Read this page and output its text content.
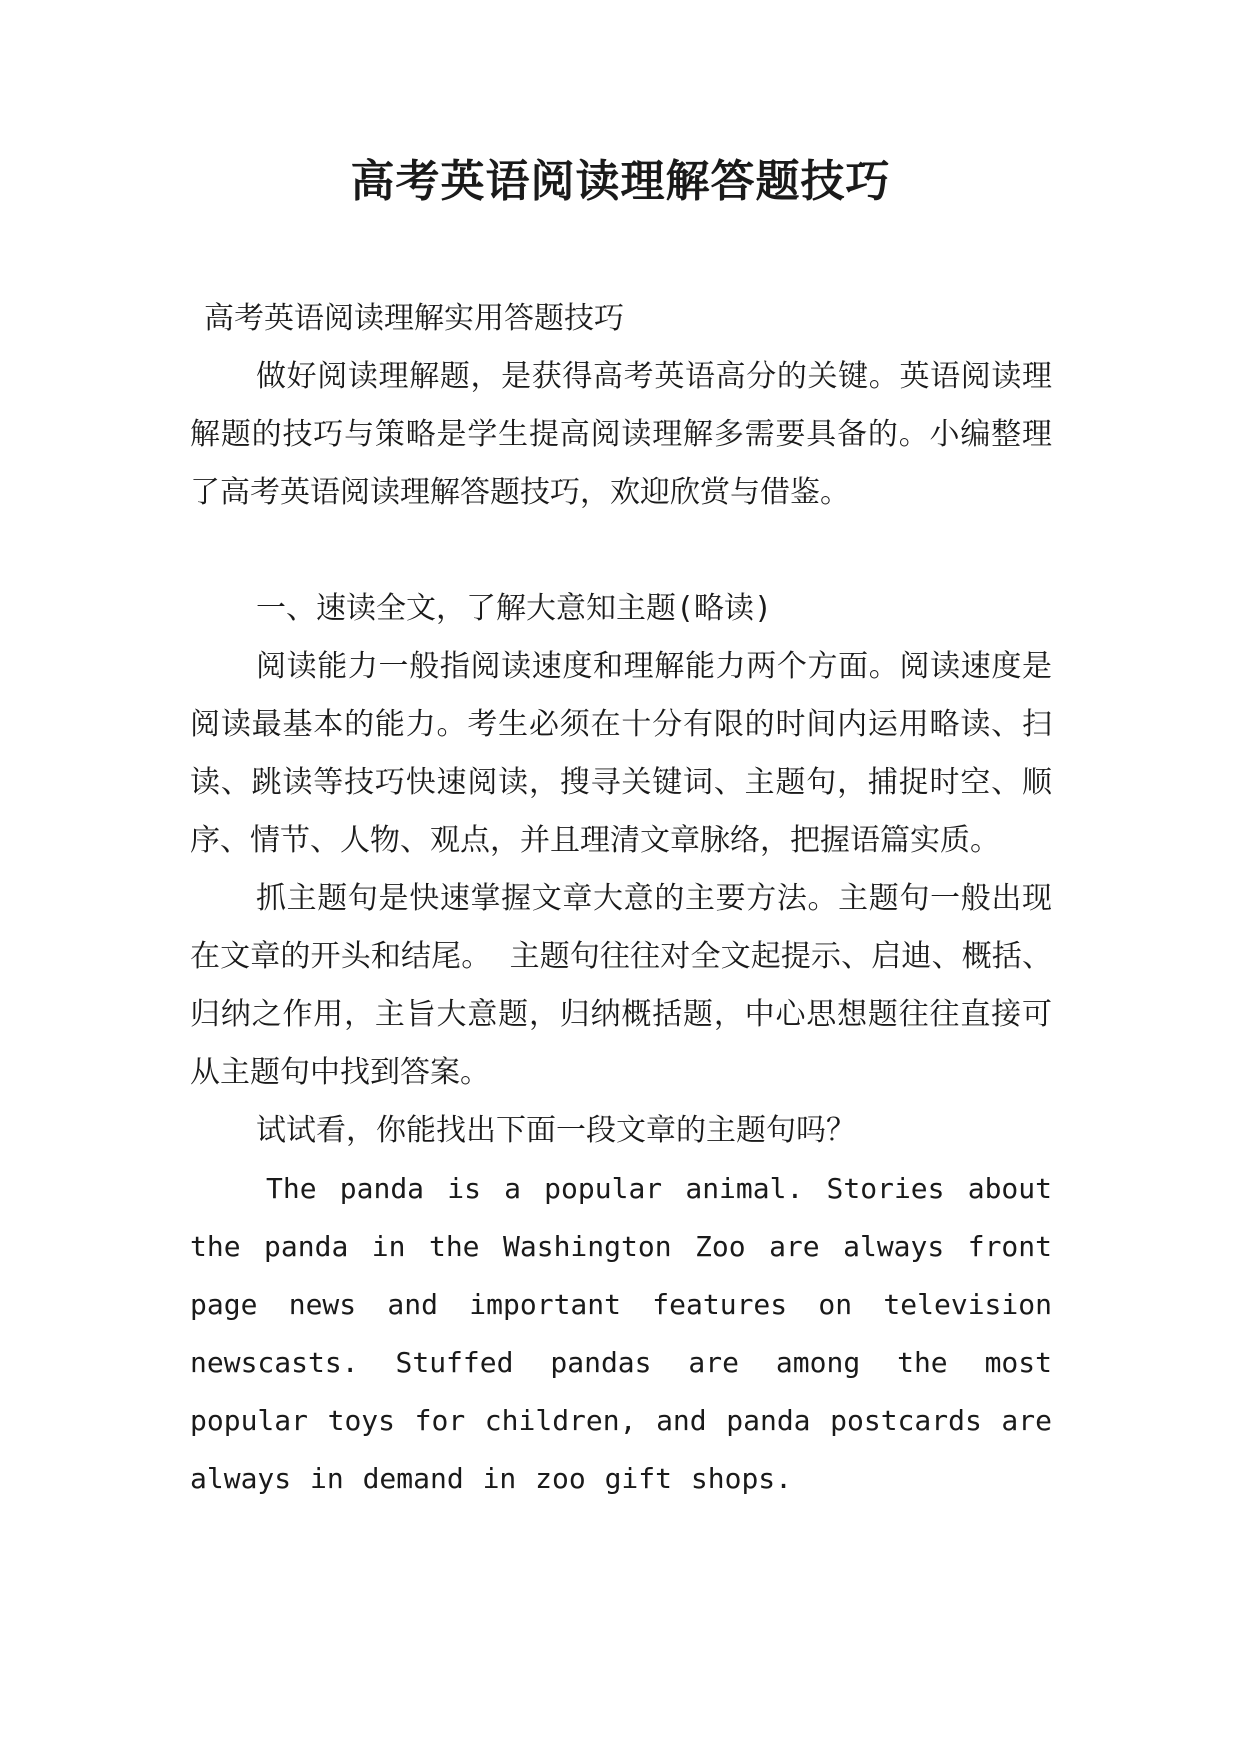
高考英语阅读理解答题技巧

高考英语阅读理解实用答题技巧

做好阅读理解题，是获得高考英语高分的关键。英语阅读理解题的技巧与策略是学生提高阅读理解多需要具备的。小编整理了高考英语阅读理解答题技巧，欢迎欣赏与借鉴。

一、速读全文，了解大意知主题(略读)

阅读能力一般指阅读速度和理解能力两个方面。阅读速度是阅读最基本的能力。考生必须在十分有限的时间内运用略读、扫读、跳读等技巧快速阅读，搜寻关键词、主题句，捕捉时空、顺序、情节、人物、观点，并且理清文章脉络，把握语篇实质。

抓主题句是快速掌握文章大意的主要方法。主题句一般出现在文章的开头和结尾。 主题句往往对全文起提示、启迪、概括、归纳之作用，主旨大意题，归纳概括题，中心思想题往往直接可从主题句中找到答案。

试试看，你能找出下面一段文章的主题句吗？

The panda is a popular animal. Stories about the panda in the Washington Zoo are always front page news and important features on television newscasts. Stuffed pandas are among the most popular toys for children, and panda postcards are always in demand in zoo gift shops.
